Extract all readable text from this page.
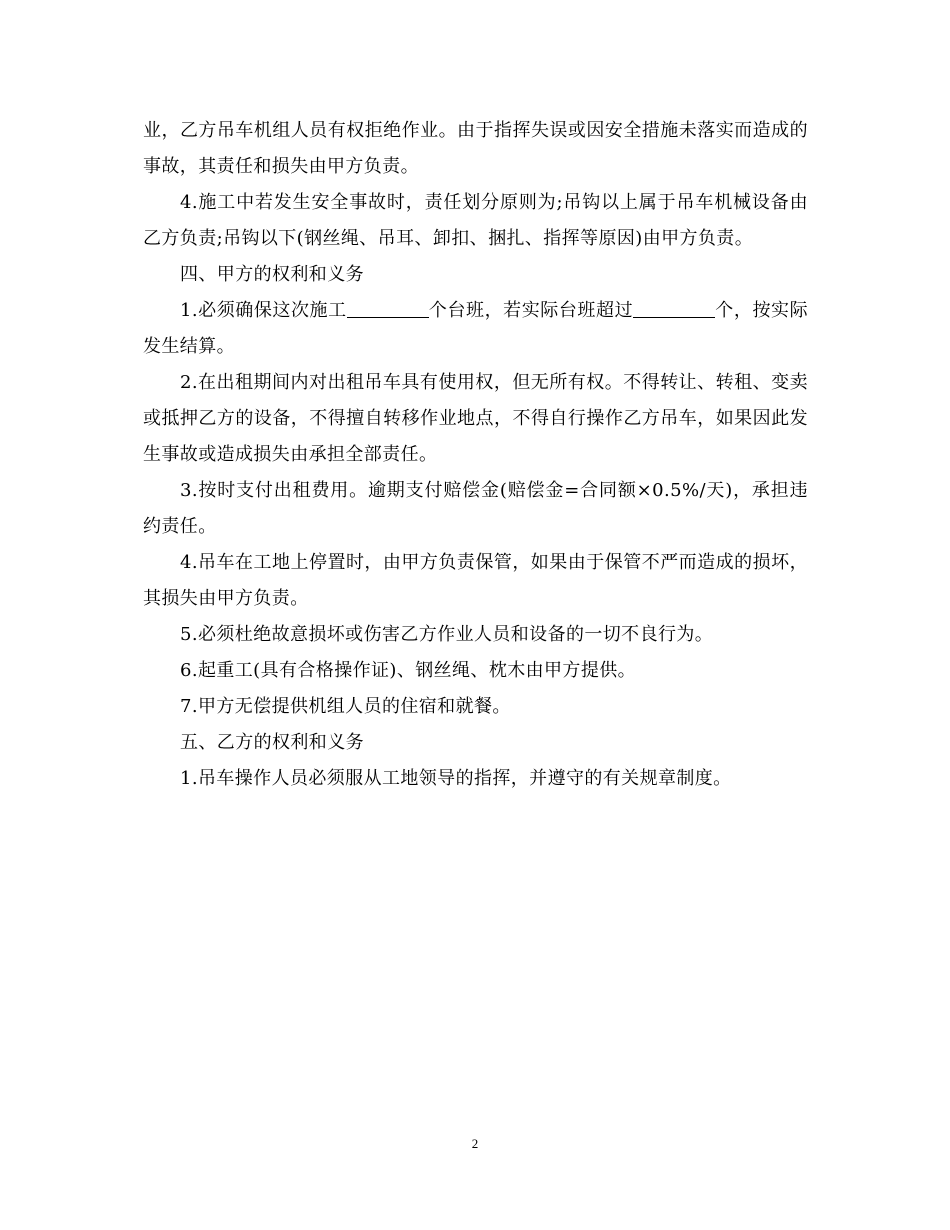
业，乙方吊车机组人员有权拒绝作业。由于指挥失误或因安全措施未落实而造成的事故，其责任和损失由甲方负责。

4.施工中若发生安全事故时，责任划分原则为;吊钩以上属于吊车机械设备由乙方负责;吊钩以下(钢丝绳、吊耳、卸扣、捆扎、指挥等原因)由甲方负责。

四、甲方的权利和义务

1.必须确保这次施工	个台班，若实际台班超过	个，按实际发生结算。

2.在出租期间内对出租吊车具有使用权，但无所有权。不得转让、转租、变卖或抵押乙方的设备，不得擅自转移作业地点，不得自行操作乙方吊车，如果因此发生事故或造成损失由承担全部责任。

3.按时支付出租费用。逾期支付赔偿金(赔偿金=合同额×0.5%/天)，承担违约责任。

4.吊车在工地上停置时，由甲方负责保管，如果由于保管不严而造成的损坏，其损失由甲方负责。

5.必须杜绝故意损坏或伤害乙方作业人员和设备的一切不良行为。

6.起重工(具有合格操作证)、钢丝绳、枕木由甲方提供。

7.甲方无偿提供机组人员的住宿和就餐。

五、乙方的权利和义务

1.吊车操作人员必须服从工地领导的指挥，并遵守的有关规章制度。

2
